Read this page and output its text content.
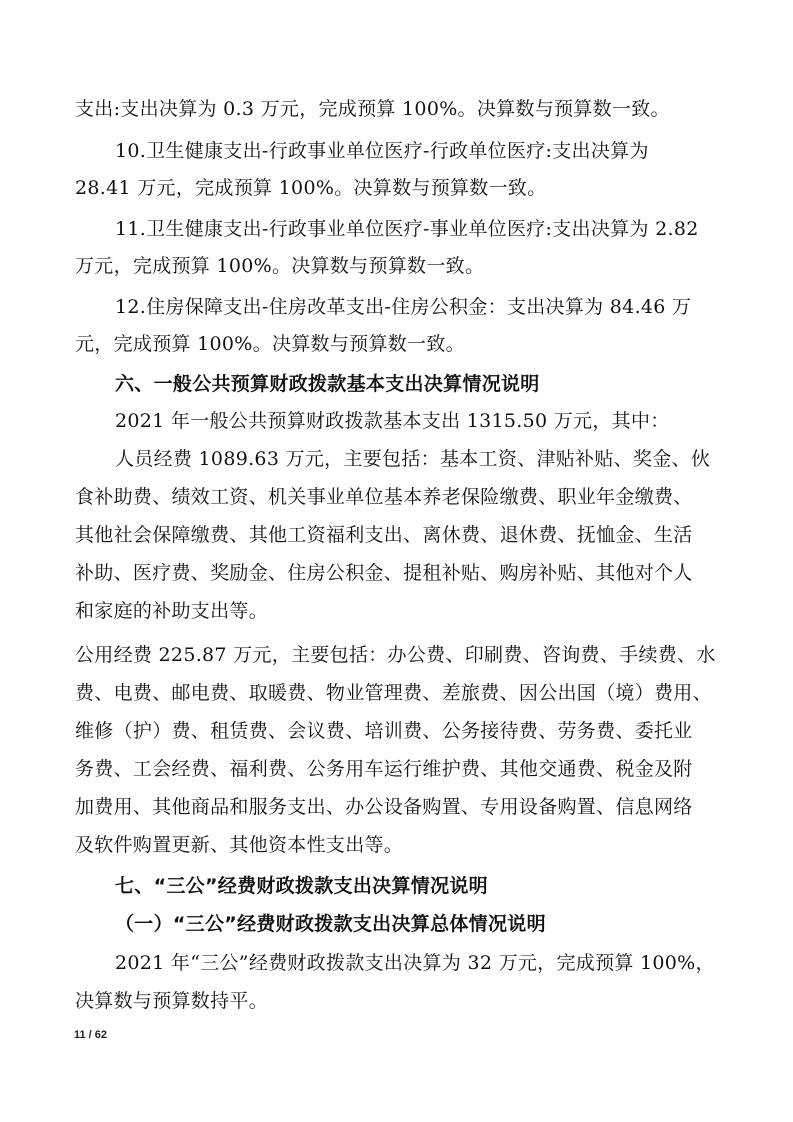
支出:支出决算为 0.3 万元，完成预算 100%。决算数与预算数一致。

10.卫生健康支出-行政事业单位医疗-行政单位医疗:支出决算为

28.41 万元，完成预算 100%。决算数与预算数一致。

11.卫生健康支出-行政事业单位医疗-事业单位医疗:支出决算为 2.82

万元，完成预算 100%。决算数与预算数一致。

12.住房保障支出-住房改革支出-住房公积金：支出决算为 84.46 万

元，完成预算 100%。决算数与预算数一致。

六、一般公共预算财政拨款基本支出决算情况说明

2021 年一般公共预算财政拨款基本支出 1315.50 万元，其中：

人员经费 1089.63 万元，主要包括：基本工资、津贴补贴、奖金、伙

食补助费、绩效工资、机关事业单位基本养老保险缴费、职业年金缴费、

其他社会保障缴费、其他工资福利支出、离休费、退休费、抚恤金、生活

补助、医疗费、奖励金、住房公积金、提租补贴、购房补贴、其他对个人

和家庭的补助支出等。

公用经费 225.87 万元，主要包括：办公费、印刷费、咨询费、手续费、水

费、电费、邮电费、取暖费、物业管理费、差旅费、因公出国（境）费用、

维修（护）费、租赁费、会议费、培训费、公务接待费、劳务费、委托业

务费、工会经费、福利费、公务用车运行维护费、其他交通费、税金及附

加费用、其他商品和服务支出、办公设备购置、专用设备购置、信息网络

及软件购置更新、其他资本性支出等。

七、“三公”经费财政拨款支出决算情况说明

（一）“三公”经费财政拨款支出决算总体情况说明

2021 年“三公”经费财政拨款支出决算为 32 万元，完成预算 100%，

决算数与预算数持平。

11 / 62
